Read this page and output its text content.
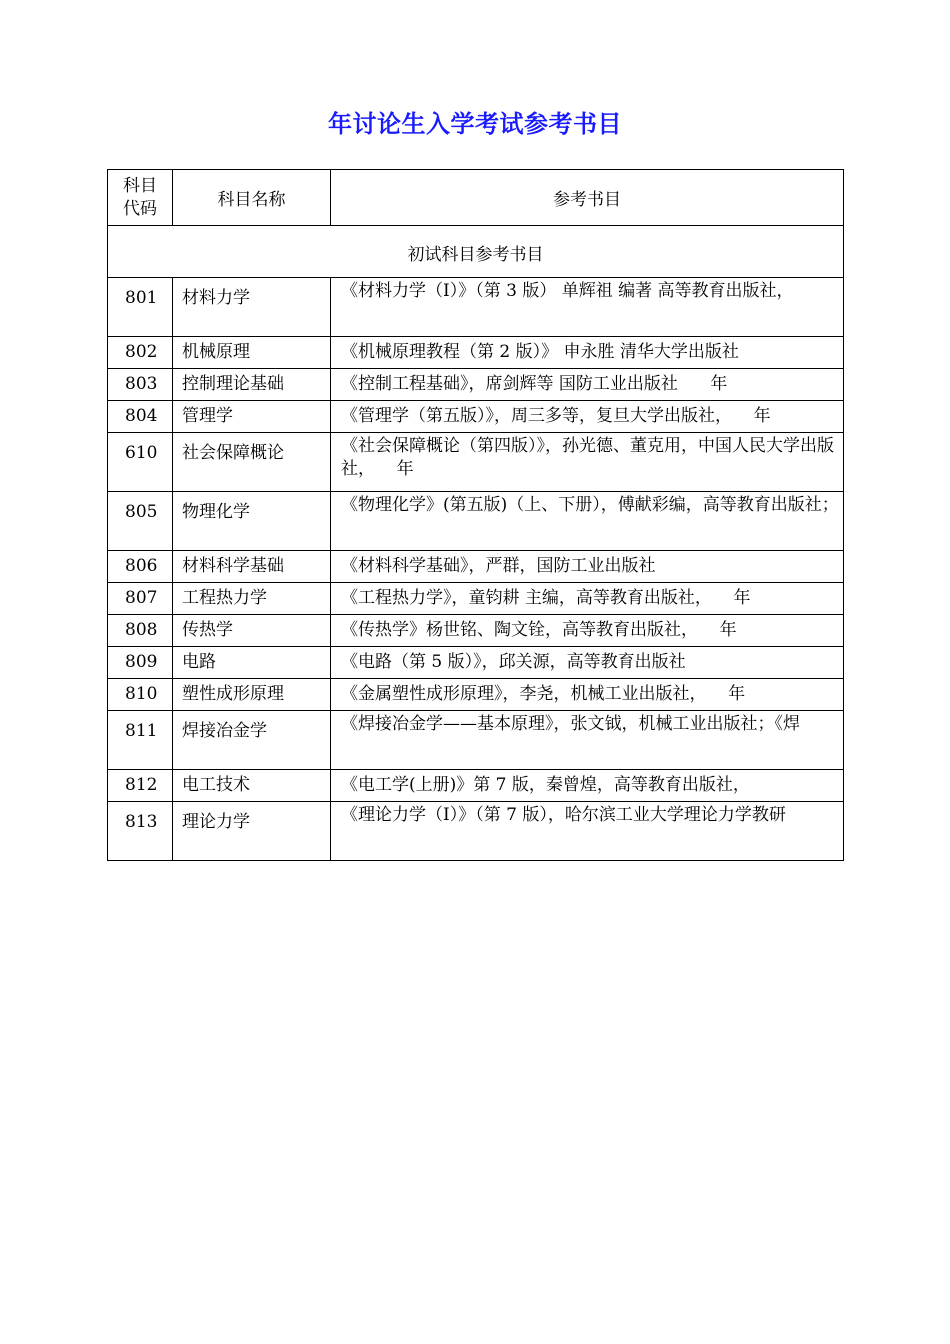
年讨论生入学考试参考书目
科目
代码	科目名称	参考书目
初试科目参考书目		
801	材料力学	《材料力学（I）》（第 3 版） 单辉祖 编著 高等教育出版社，

802	机械原理	《机械原理教程（第 2 版）》 申永胜 清华大学出版社

803	控制理论基础	《控制工程基础》，席剑辉等 国防工业出版社      年

804	管理学	《管理学（第五版）》，周三多等，复旦大学出版社，    年

610	社会保障概论	《社会保障概论（第四版）》，孙光德、董克用，中国人民大学出版社，    年

805	物理化学	《物理化学》(第五版)（上、下册），傅献彩编，高等教育出版社；

806	材料科学基础	《材料科学基础》，严群，国防工业出版社

807	工程热力学	《工程热力学》，童钧耕 主编，高等教育出版社，    年

808	传热学	《传热学》杨世铭、陶文铨，高等教育出版社，    年

809	电路	《电路（第 5 版）》，邱关源，高等教育出版社

810	塑性成形原理	《金属塑性成形原理》，李尧，机械工业出版社，    年

811	焊接冶金学	《焊接冶金学——基本原理》，张文钺，机械工业出版社；《焊

812	电工技术	《电工学(上册)》第 7 版，秦曾煌，高等教育出版社，

813	理论力学	《理论力学（I）》（第 7 版），哈尔滨工业大学理论力学教研
